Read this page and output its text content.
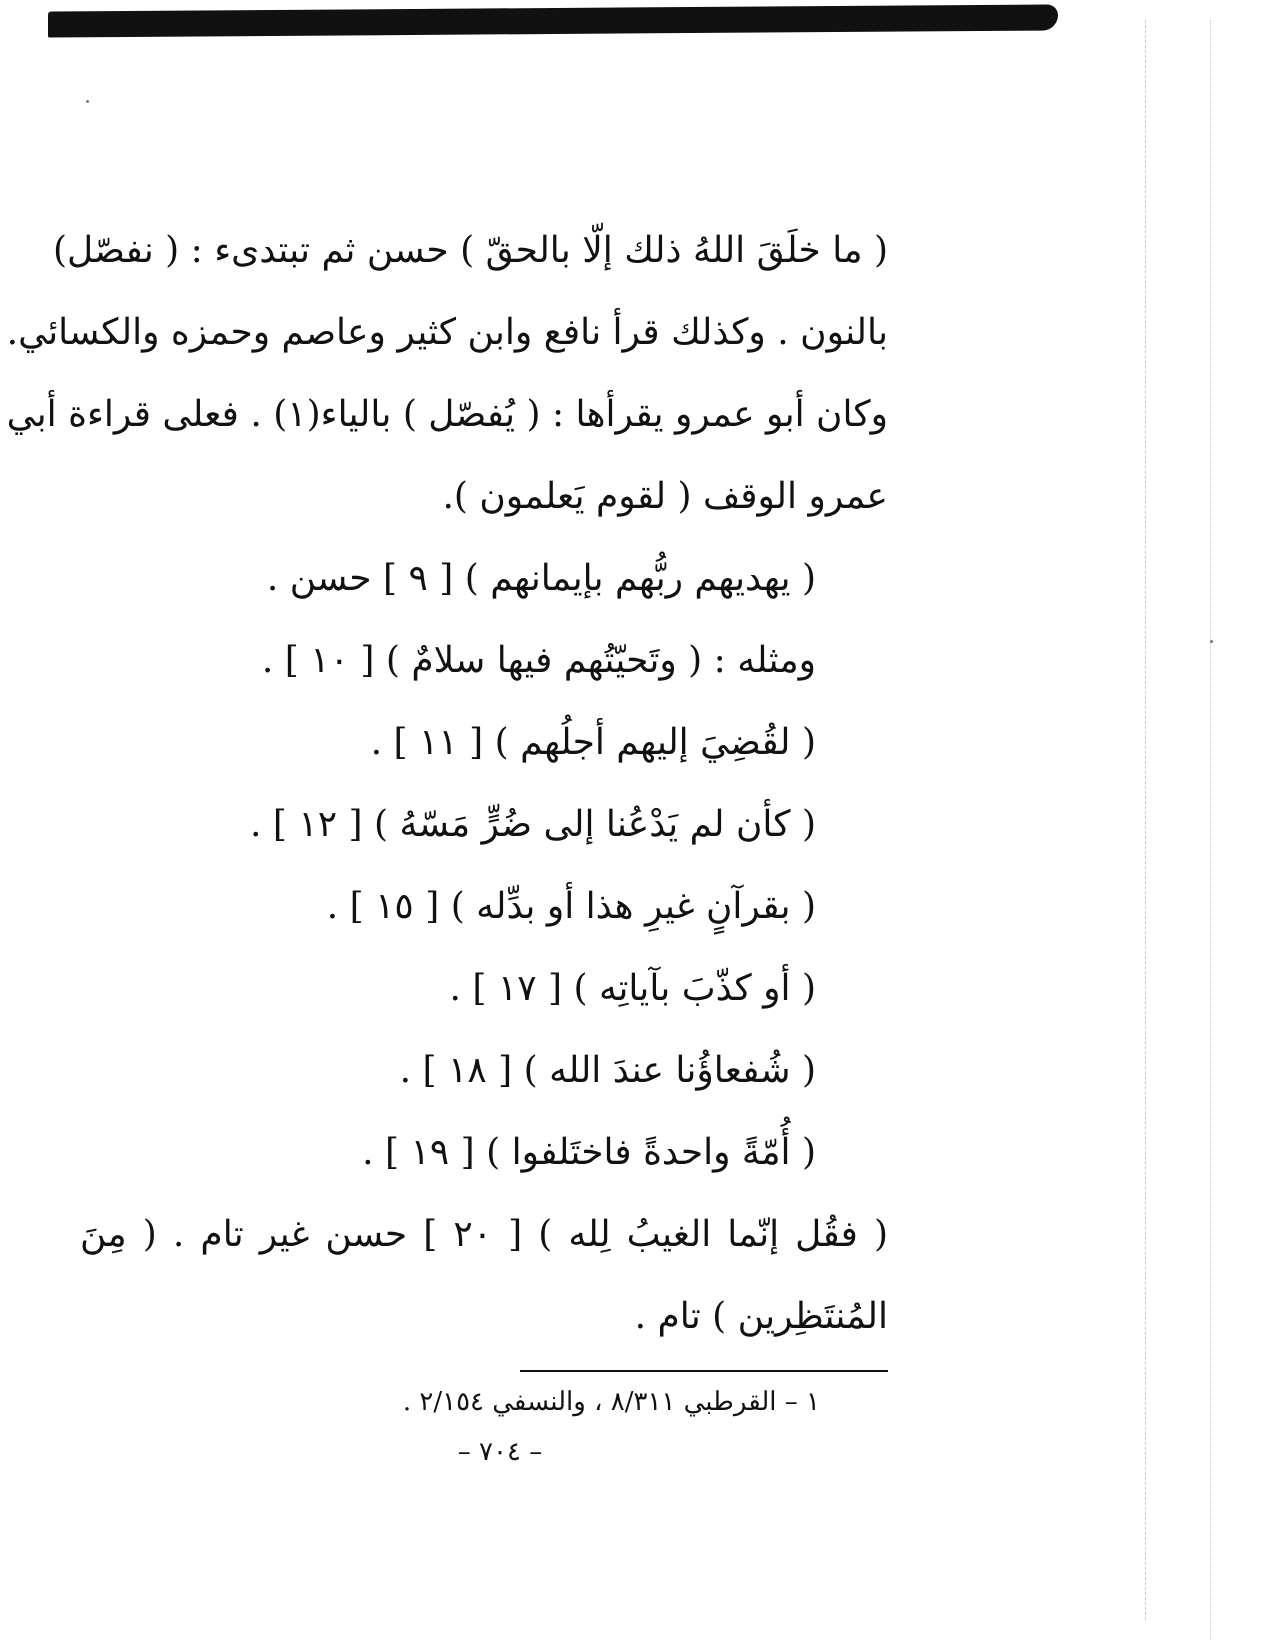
( ما خلَقَ اللهُ ذلك إلّا بالحقّ ) حسن ثم تبتدىء : ( نفصّل)
بالنون . وكذلك قرأ نافع وابن كثير وعاصم وحمزه والكسائي.
وكان أبو عمرو يقرأها : ( يُفصّل ) بالياء(١) . فعلى قراءة أبي
عمرو الوقف ( لقوم يَعلمون ).
( يهديهم ربُّهم بإيمانهم ) [ ٩ ] حسن .
ومثله : ( وتَحيّتُهم فيها سلامٌ ) [ ١٠ ] .
( لقُضِيَ إليهم أجلُهم ) [ ١١ ] .
( كأن لم يَدْعُنا إلى ضُرٍّ مَسّهُ ) [ ١٢ ] .
( بقرآنٍ غيرِ هذا أو بدِّله ) [ ١٥ ] .
( أو كذّبَ بآياتِه ) [ ١٧ ] .
( شُفعاؤُنا عندَ الله ) [ ١٨ ] .
( أُمّةً واحدةً فاختَلفوا ) [ ١٩ ] .
( فقُل إنّما الغيبُ لِله ) [ ٢٠ ] حسن غير تام . ( مِنَ
المُنتَظِرين ) تام .
١ – القرطبي ٨/٣١١ ، والنسفي ٢/١٥٤ .
– ٧٠٤ –
